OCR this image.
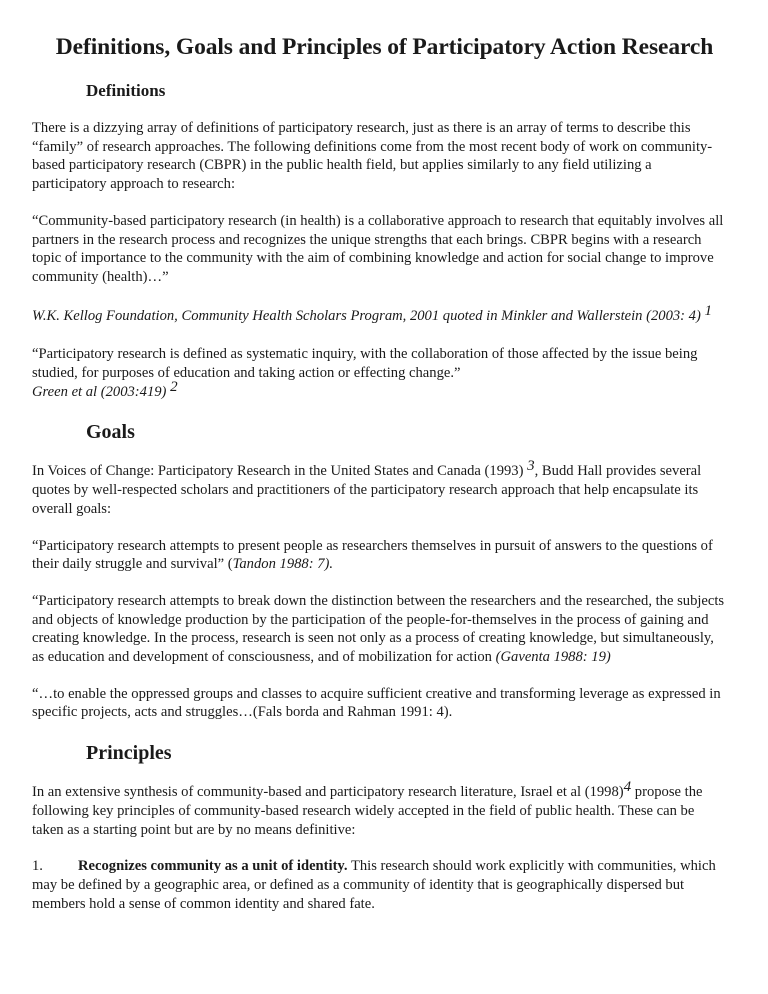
Definitions, Goals and Principles of Participatory Action Research
Definitions

There is a dizzying array of definitions of participatory research, just as there is an array of terms to describe this “family” of research approaches. The following definitions come from the most recent body of work on community-based participatory research (CBPR) in the public health field, but applies similarly to any field utilizing a participatory approach to research:

“Community-based participatory research (in health) is a collaborative approach to research that equitably involves all partners in the research process and recognizes the unique strengths that each brings. CBPR begins with a research topic of importance to the community with the aim of combining knowledge and action for social change to improve community (health)…”

W.K. Kellog Foundation, Community Health Scholars Program, 2001 quoted in Minkler and Wallerstein (2003: 4) $^1$

“Participatory research is defined as systematic inquiry, with the collaboration of those affected by the issue being studied, for purposes of education and taking action or effecting change.”

Green et al (2003:419) $^2$

Goals

In Voices of Change: Participatory Research in the United States and Canada (1993) $^3$, Budd Hall provides several quotes by well-respected scholars and practitioners of the participatory research approach that help encapsulate its overall goals:

“Participatory research attempts to present people as researchers themselves in pursuit of answers to the questions of their daily struggle and survival” (Tandon 1988: 7).

“Participatory research attempts to break down the distinction between the researchers and the researched, the subjects and objects of knowledge production by the participation of the people-for-themselves in the process of gaining and creating knowledge. In the process, research is seen not only as a process of creating knowledge, but simultaneously, as education and development of consciousness, and of mobilization for action (Gaventa 1988: 19)

“…to enable the oppressed groups and classes to acquire sufficient creative and transforming leverage as expressed in specific projects, acts and struggles…(Fals borda and Rahman 1991: 4).

Principles

In an extensive synthesis of community-based and participatory research literature, Israel et al (1998)$^4$ propose the following key principles of community-based research widely accepted in the field of public health. These can be taken as a starting point but are by no means definitive:

1. Recognizes community as a unit of identity. This research should work explicitly with communities, which may be defined by a geographic area, or defined as a community of identity that is geographically dispersed but members hold a sense of common identity and shared fate.
